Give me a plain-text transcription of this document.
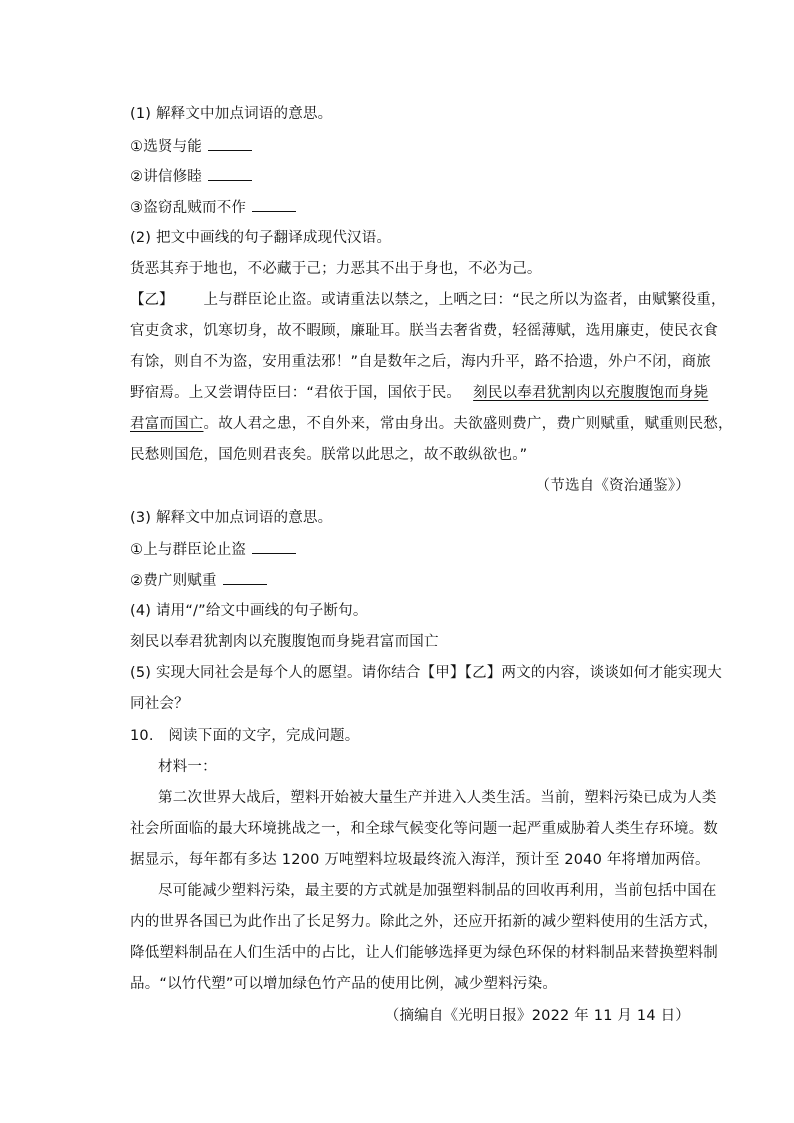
(1) 解释文中加点词语的意思。
①选贤与能
②讲信修睦
③盗窃乱贼而不作
(2) 把文中画线的句子翻译成现代汉语。
货恶其弃于地也，不必藏于己；力恶其不出于身也，不必为己。
【乙】 上与群臣论止盗。或请重法以禁之，上哂之曰：“民之所以为盗者，由赋繁役重，
官吏贪求，饥寒切身，故不暇顾，廉耻耳。朕当去奢省费，轻徭薄赋，选用廉吏，使民衣食
有馀，则自不为盗，安用重法邪！”自是数年之后，海内升平，路不拾遗，外户不闭，商旅
野宿焉。上又尝谓侍臣曰：“君依于国，国依于民。 刻民以奉君犹割肉以充腹腹饱而身毙
君富而国亡。故人君之患，不自外来，常由身出。夫欲盛则费广，费广则赋重，赋重则民愁，
民愁则国危，国危则君丧矣。朕常以此思之，故不敢纵欲也。”
（节选自《资治通鉴》）
(3) 解释文中加点词语的意思。
①上与群臣论止盗
②费广则赋重
(4) 请用“/”给文中画线的句子断句。
刻民以奉君犹割肉以充腹腹饱而身毙君富而国亡
(5) 实现大同社会是每个人的愿望。请你结合【甲】【乙】两文的内容，谈谈如何才能实现大
同社会？
10.　阅读下面的文字，完成问题。
材料一：
第二次世界大战后，塑料开始被大量生产并进入人类生活。当前，塑料污染已成为人类
社会所面临的最大环境挑战之一，和全球气候变化等问题一起严重威胁着人类生存环境。数
据显示，每年都有多达 1200 万吨塑料垃圾最终流入海洋，预计至 2040 年将增加两倍。
尽可能减少塑料污染，最主要的方式就是加强塑料制品的回收再利用，当前包括中国在
内的世界各国已为此作出了长足努力。除此之外，还应开拓新的减少塑料使用的生活方式，
降低塑料制品在人们生活中的占比，让人们能够选择更为绿色环保的材料制品来替换塑料制
品。“以竹代塑”可以增加绿色竹产品的使用比例，减少塑料污染。
（摘编自《光明日报》2022 年 11 月 14 日）
